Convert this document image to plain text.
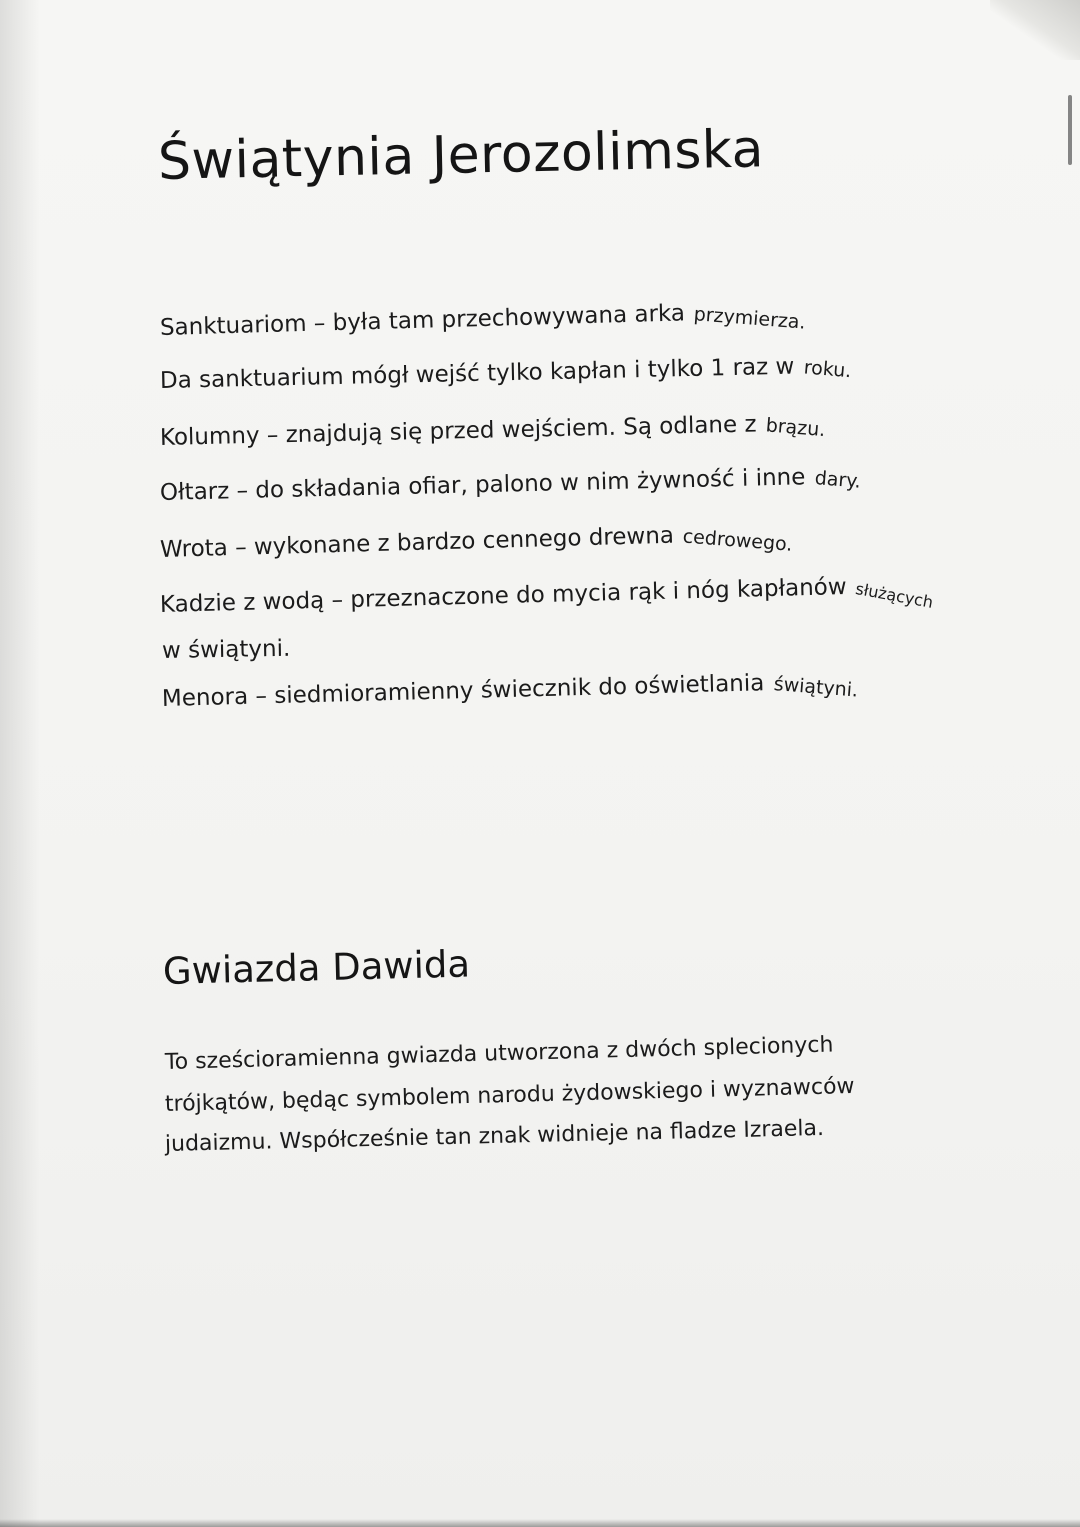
Świątynia Jerozolimska

Sanktuariom – była tam przechowywana arka przymierza.

Da sanktuarium mógł wejść tylko kapłan i tylko 1 raz w roku.

Kolumny – znajdują się przed wejściem. Są odlane z brązu.

Ołtarz – do składania ofiar, palono w nim żywność i inne dary.

Wrota – wykonane z bardzo cennego drewna cedrowego.

Kadzie z wodą – przeznaczone do mycia rąk i nóg kapłanów służących

w świątyni.

Menora – siedmioramienny świecznik do oświetlania świątyni.

Gwiazda Dawida

To sześcioramienna gwiazda utworzona z dwóch splecionych

trójkątów, będąc symbolem narodu żydowskiego i wyznawców

judaizmu. Współcześnie tan znak widnieje na fladze Izraela.
